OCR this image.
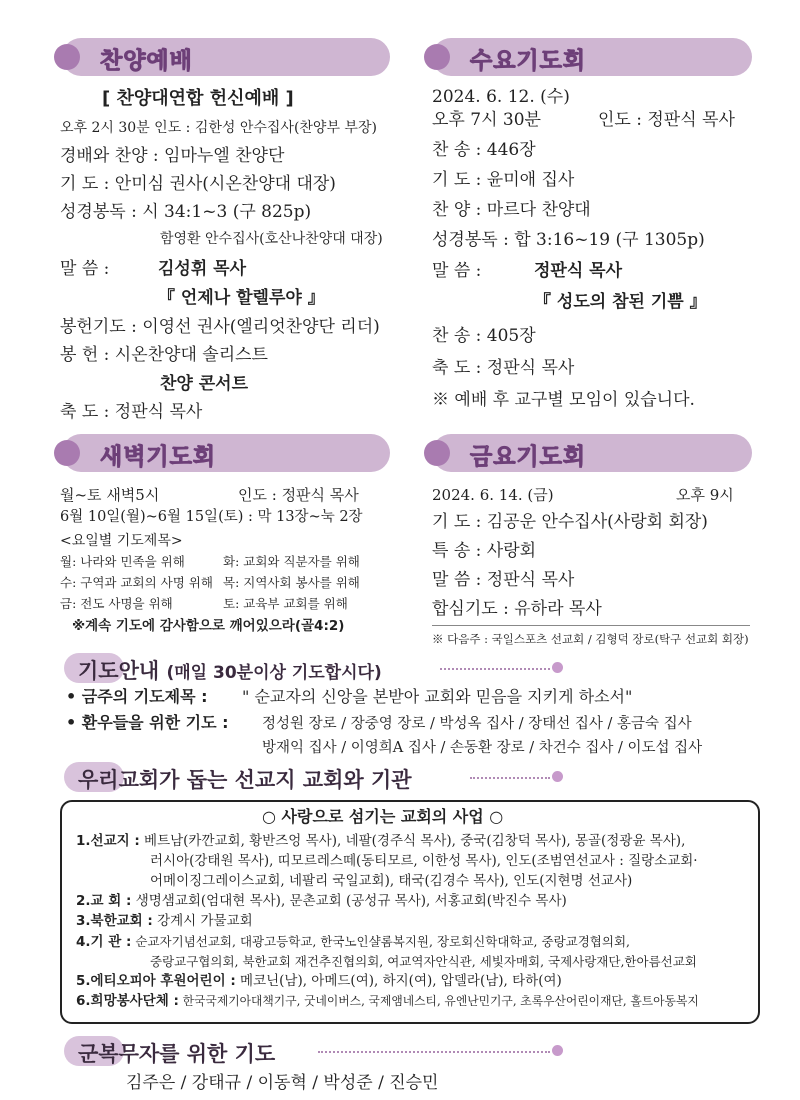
찬양예배
[ 찬양대연합 헌신예배 ]
오후 2시 30분 인도 : 김한성 안수집사(찬양부 부장)
경배와 찬양 : 임마누엘 찬양단
기 도 : 안미심 권사(시온찬양대 대장)
성경봉독 : 시 34:1~3 (구 825p)
함영환 안수집사(호산나찬양대 대장)
말 씀 :	김성휘 목사
『 언제나 할렐루야 』
봉헌기도 : 이영선 권사(엘리엇찬양단 리더)
봉 헌 : 시온찬양대 솔리스트
찬양 콘서트
축 도 : 정판식 목사
수요기도회
2024. 6. 12. (수)
오후 7시 30분	인도 : 정판식 목사
찬 송 : 446장
기 도 : 윤미애 집사
찬 양 : 마르다 찬양대
성경봉독 : 합 3:16~19 (구 1305p)
말 씀 :	정판식 목사
『 성도의 참된 기쁨 』
찬 송 : 405장
축 도 : 정판식 목사
※ 예배 후 교구별 모임이 있습니다.
새벽기도회
월~토 새벽5시	인도 : 정판식 목사
6월 10일(월)~6월 15일(토) : 막 13장~눅 2장
<요일별 기도제목>
월: 나라와 민족을 위해	화: 교회와 직분자를 위해
수: 구역과 교회의 사명 위해 목: 지역사회 봉사를 위해
금: 전도 사명을 위해	토: 교육부 교회를 위해
※계속 기도에 감사함으로 깨어있으라(골4:2)
금요기도회
2024. 6. 14. (금)	오후 9시
기 도 : 김공운 안수집사(사랑회 회장)
특 송 : 사랑회
말 씀 : 정판식 목사
합심기도 : 유하라 목사
※ 다음주 : 국일스포츠 선교회 / 김형덕 장로(탁구 선교회 회장)
기도안내 (매일 30분이상 기도합시다)
• 금주의 기도제목 : " 순교자의 신앙을 본받아 교회와 믿음을 지키게 하소서"
• 환우들을 위한 기도 : 정성원 장로 / 장중영 장로 / 박성옥 집사 / 장태선 집사 / 홍금숙 집사
방재익 집사 / 이영희A 집사 / 손동환 장로 / 차건수 집사 / 이도섭 집사
우리교회가 돕는 선교지 교회와 기관
○ 사랑으로 섬기는 교회의 사업 ○
1.선교지 : 베트남(카깐교회, 황반즈엉 목사), 네팔(경주식 목사), 중국(김창덕 목사), 몽골(정광윤 목사),
러시아(강태원 목사), 띠모르레스떼(동티모르, 이한성 목사), 인도(조범연선교사 : 질랑소교회·
어메이징그레이스교회, 네팔리 국일교회), 태국(김경수 목사), 인도(지현명 선교사)
2.교 회 : 생명샘교회(엄대현 목사), 문촌교회 (공성규 목사), 서홍교회(박진수 목사)
3.북한교회 : 강계시 가물교회
4.기 관 : 순교자기념선교회, 대광고등학교, 한국노인샬롬복지원, 장로회신학대학교, 중랑교경협의회,
중랑교구협의회, 북한교회 재건추진협의회, 여교역자안식관, 세빛자매회, 국제사랑재단,한아름선교회
5.에티오피아 후원어린이 : 메코닌(남), 아메드(여), 하지(여), 압델라(남), 타하(여)
6.희망봉사단체 : 한국국제기아대책기구, 굿네이버스, 국제앰네스티, 유엔난민기구, 초록우산어린이재단, 홀트아동복지
군복무자를 위한 기도
김주은 / 강태규 / 이동혁 / 박성준 / 진승민
